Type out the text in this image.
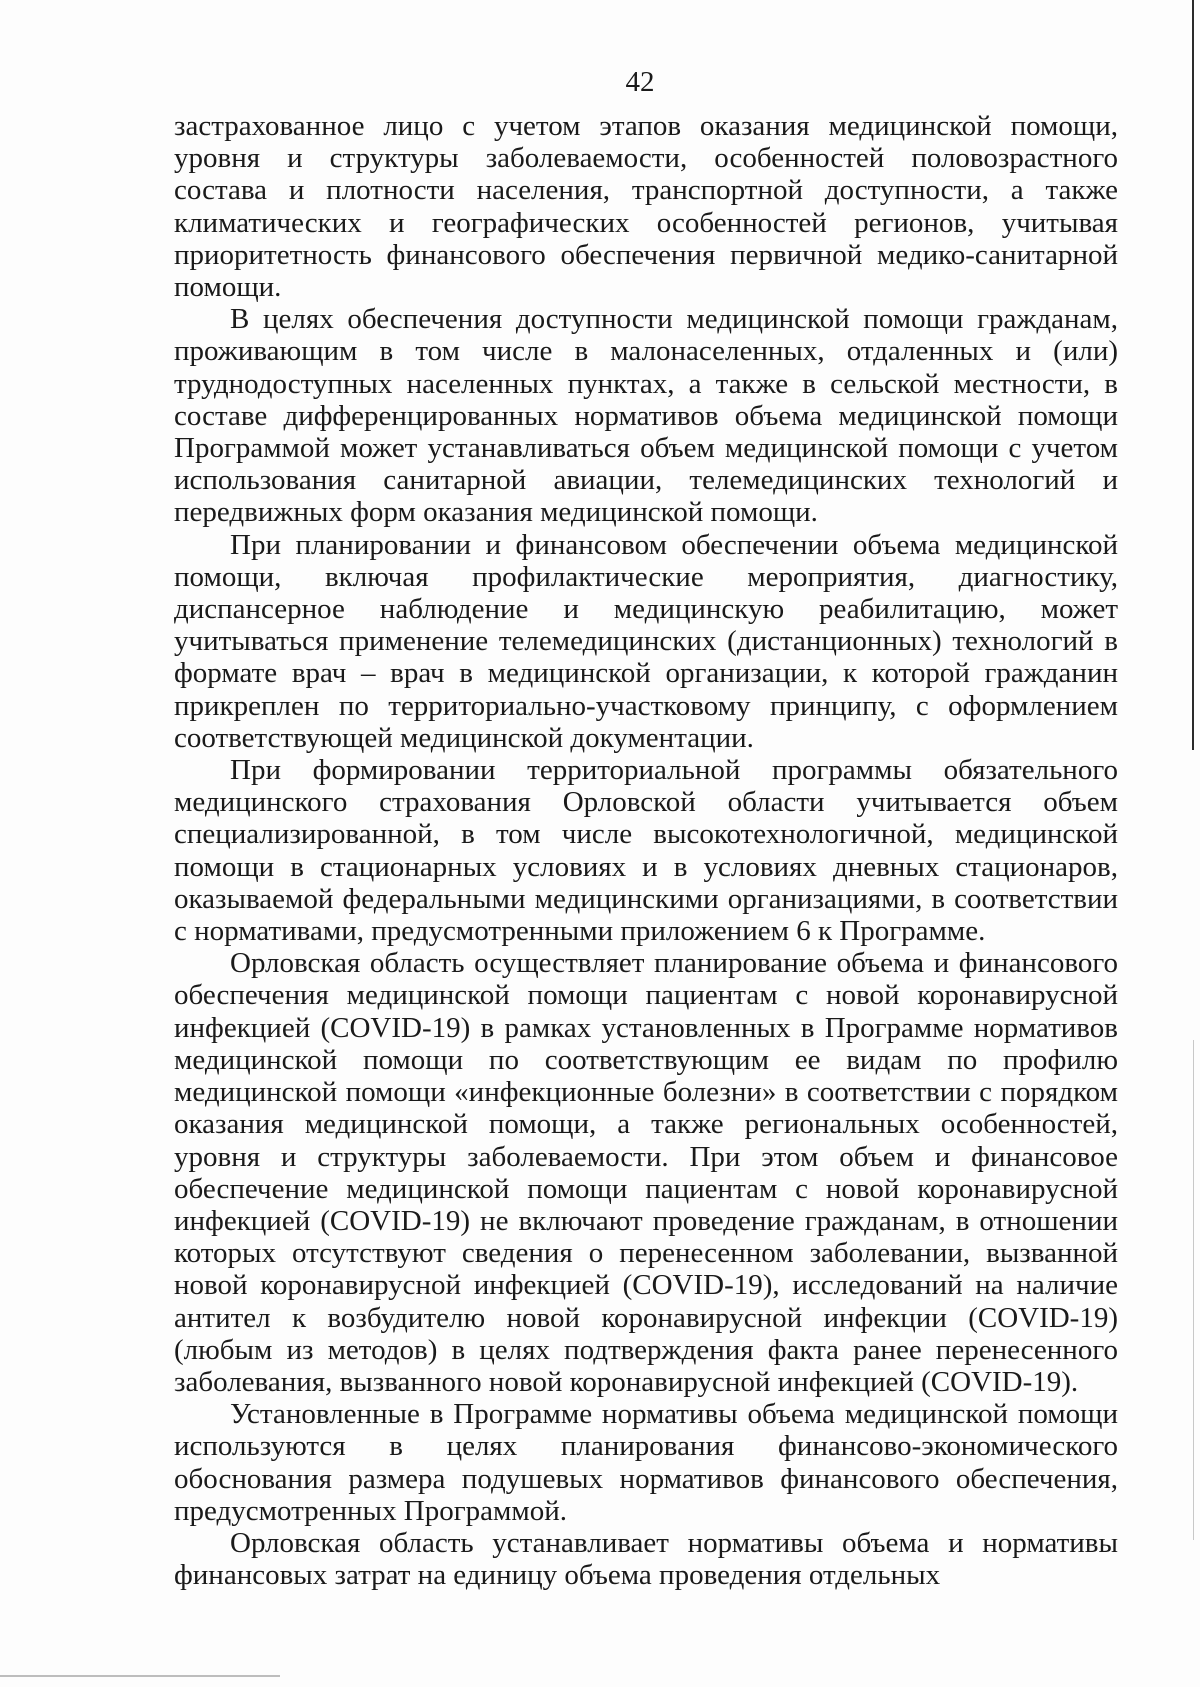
42

застрахованное лицо с учетом этапов оказания медицинской помощи, уровня и структуры заболеваемости, особенностей половозрастного состава и плотности населения, транспортной доступности, а также климатических и географических особенностей регионов, учитывая приоритетность финансового обеспечения первичной медико-санитарной помощи.

В целях обеспечения доступности медицинской помощи гражданам, проживающим в том числе в малонаселенных, отдаленных и (или) труднодоступных населенных пунктах, а также в сельской местности, в составе дифференцированных нормативов объема медицинской помощи Программой может устанавливаться объем медицинской помощи с учетом использования санитарной авиации, телемедицинских технологий и передвижных форм оказания медицинской помощи.

При планировании и финансовом обеспечении объема медицинской помощи, включая профилактические мероприятия, диагностику, диспансерное наблюдение и медицинскую реабилитацию, может учитываться применение телемедицинских (дистанционных) технологий в формате врач – врач в медицинской организации, к которой гражданин прикреплен по территориально-участковому принципу, с оформлением соответствующей медицинской документации.

При формировании территориальной программы обязательного медицинского страхования Орловской области учитывается объем специализированной, в том числе высокотехнологичной, медицинской помощи в стационарных условиях и в условиях дневных стационаров, оказываемой федеральными медицинскими организациями, в соответствии с нормативами, предусмотренными приложением 6 к Программе.

Орловская область осуществляет планирование объема и финансового обеспечения медицинской помощи пациентам с новой коронавирусной инфекцией (COVID-19) в рамках установленных в Программе нормативов медицинской помощи по соответствующим ее видам по профилю медицинской помощи «инфекционные болезни» в соответствии с порядком оказания медицинской помощи, а также региональных особенностей, уровня и структуры заболеваемости. При этом объем и финансовое обеспечение медицинской помощи пациентам с новой коронавирусной инфекцией (COVID-19) не включают проведение гражданам, в отношении которых отсутствуют сведения о перенесенном заболевании, вызванной новой коронавирусной инфекцией (COVID-19), исследований на наличие антител к возбудителю новой коронавирусной инфекции (COVID-19) (любым из методов) в целях подтверждения факта ранее перенесенного заболевания, вызванного новой коронавирусной инфекцией (COVID-19).

Установленные в Программе нормативы объема медицинской помощи используются в целях планирования финансово-экономического обоснования размера подушевых нормативов финансового обеспечения, предусмотренных Программой.

Орловская область устанавливает нормативы объема и нормативы финансовых затрат на единицу объема проведения отдельных
